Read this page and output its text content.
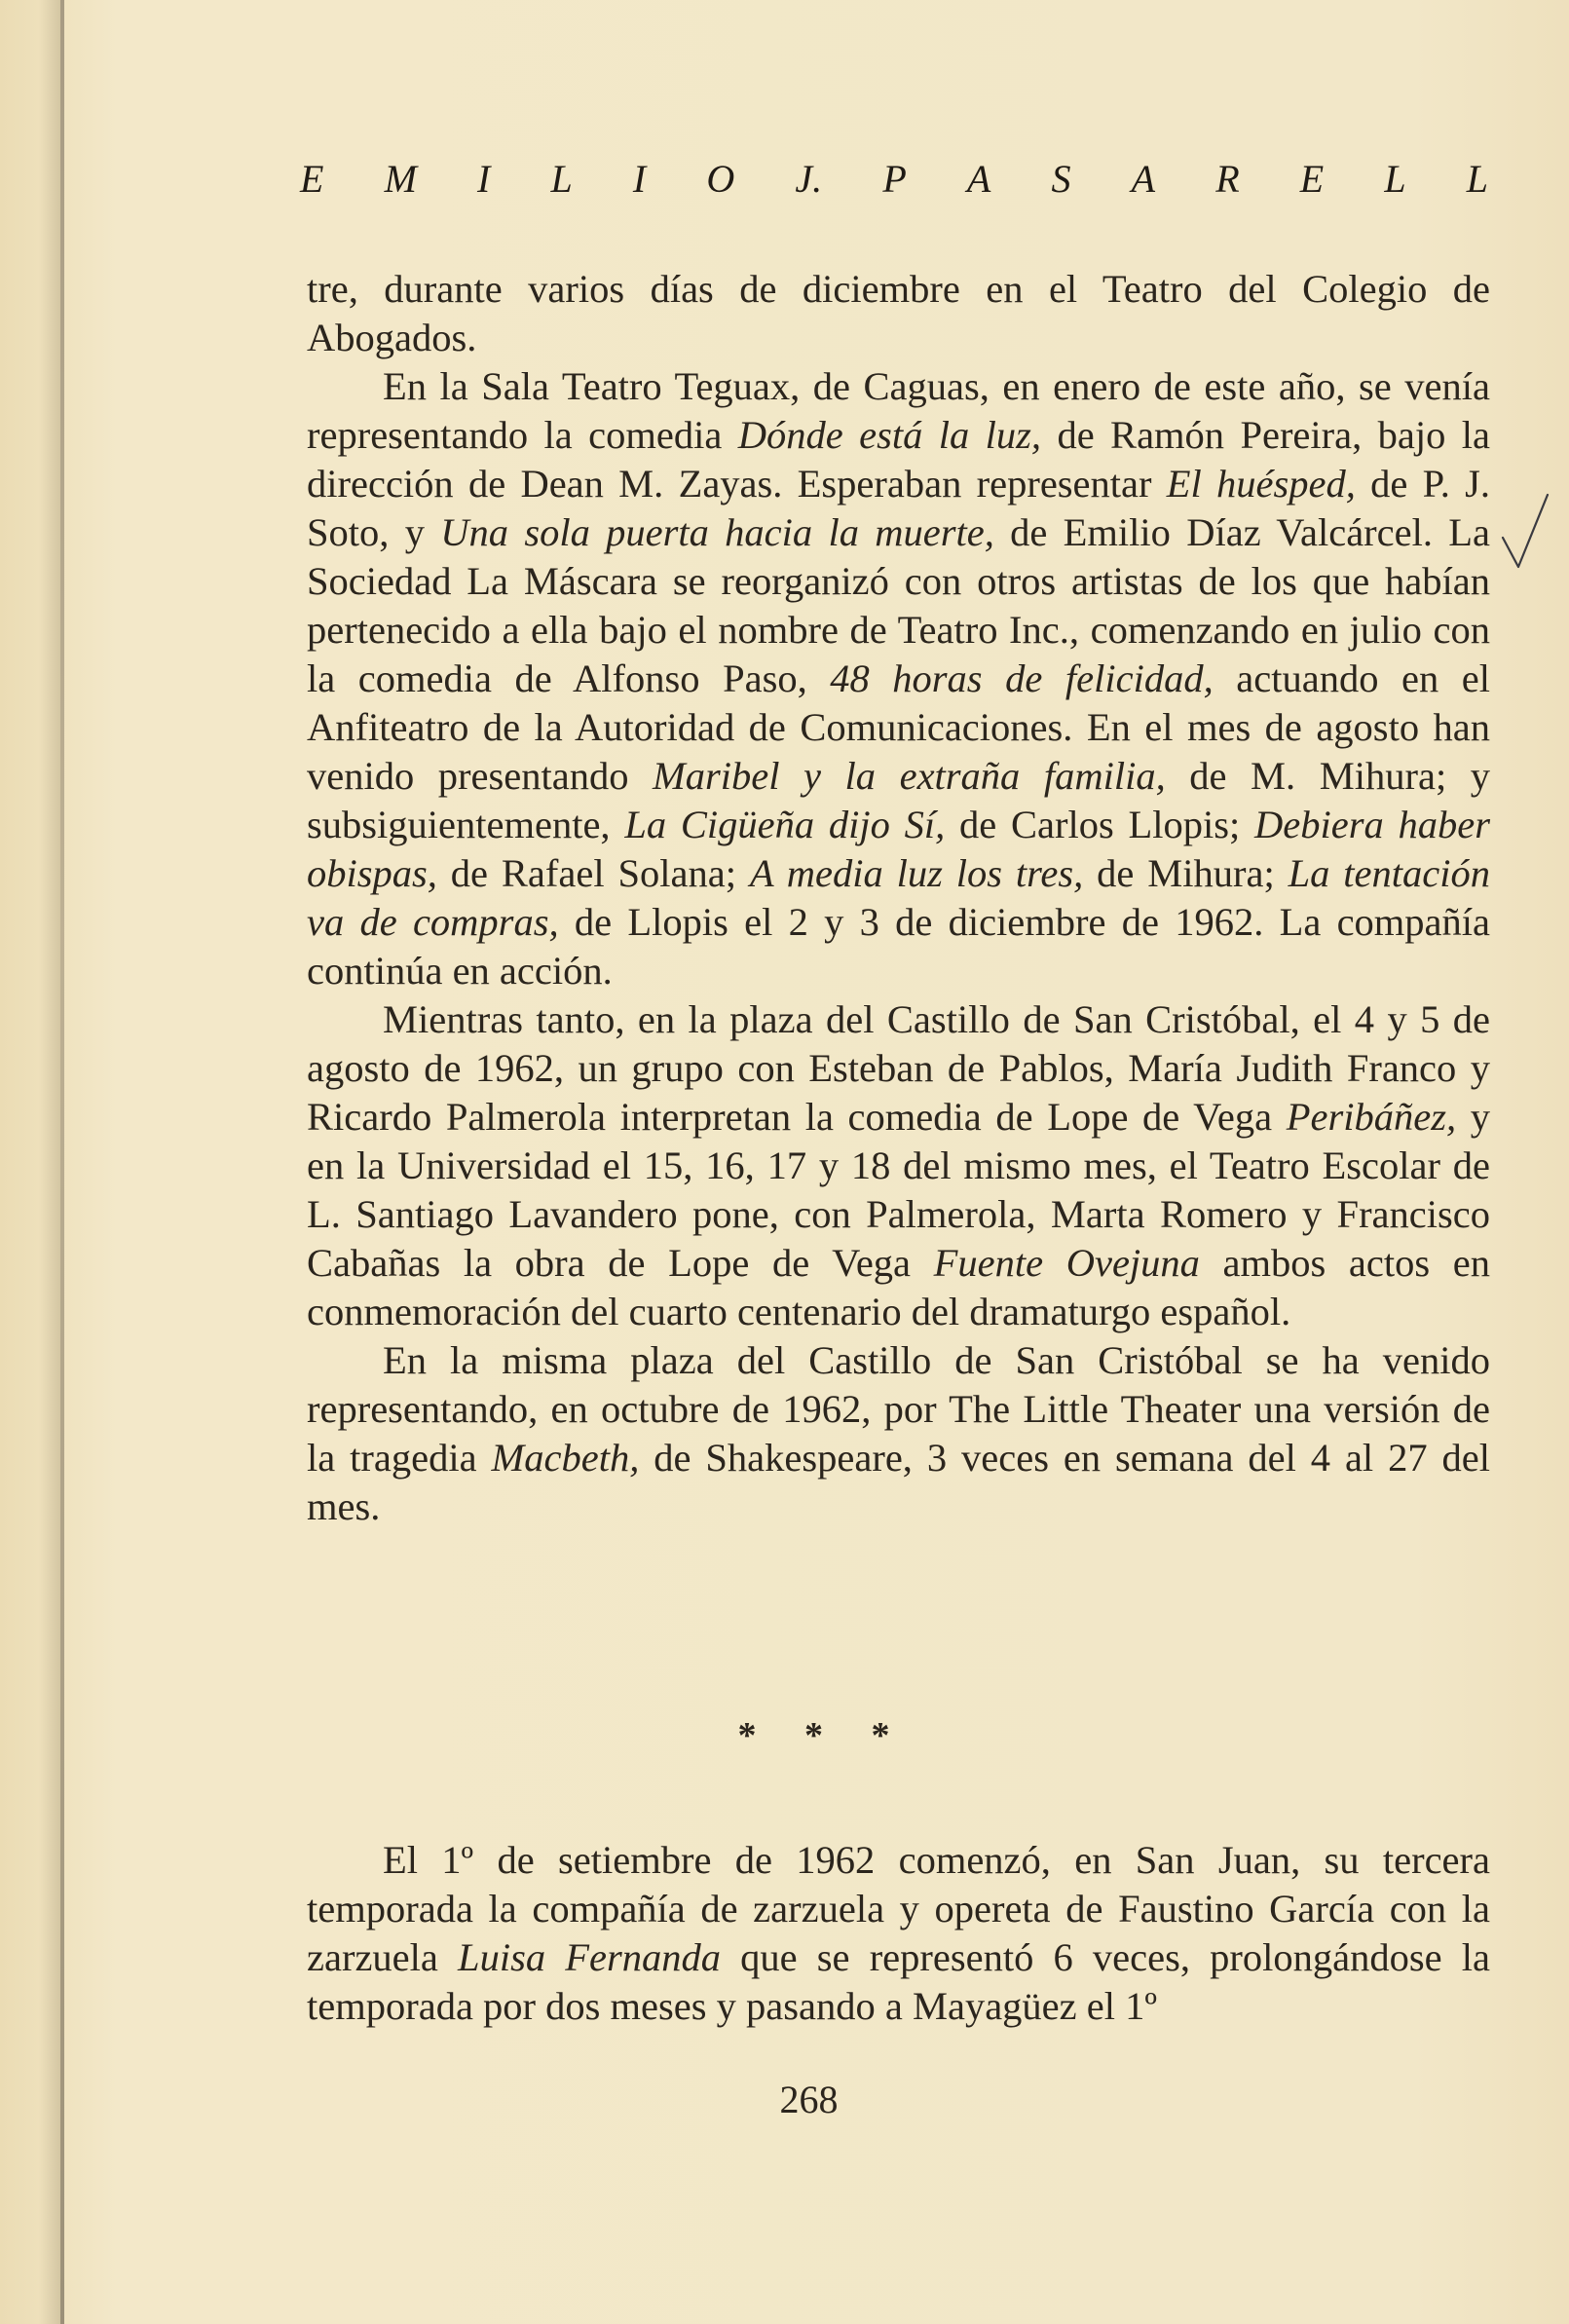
E M I L I O J. P A S A R E L L

tre, durante varios días de diciembre en el Teatro del Colegio de Abogados.

En la Sala Teatro Teguax, de Caguas, en enero de este año, se venía representando la comedia Dónde está la luz, de Ramón Pereira, bajo la dirección de Dean M. Zayas. Esperaban representar El huésped, de P. J. Soto, y Una sola puerta hacia la muerte, de Emilio Díaz Valcárcel. La Sociedad La Máscara se reorganizó con otros artistas de los que habían pertenecido a ella bajo el nombre de Teatro Inc., comenzando en julio con la comedia de Alfonso Paso, 48 horas de felicidad, actuando en el Anfiteatro de la Autoridad de Comunicaciones. En el mes de agosto han venido presentando Maribel y la extraña familia, de M. Mihura; y subsiguientemente, La Cigüeña dijo Sí, de Carlos Llopis; Debiera haber obispas, de Rafael Solana; A media luz los tres, de Mihura; La tentación va de compras, de Llopis el 2 y 3 de diciembre de 1962. La compañía continúa en acción.

Mientras tanto, en la plaza del Castillo de San Cristóbal, el 4 y 5 de agosto de 1962, un grupo con Esteban de Pablos, María Judith Franco y Ricardo Palmerola interpretan la comedia de Lope de Vega Peribáñez, y en la Universidad el 15, 16, 17 y 18 del mismo mes, el Teatro Escolar de L. Santiago Lavandero pone, con Palmerola, Marta Romero y Francisco Cabañas la obra de Lope de Vega Fuente Ovejuna ambos actos en conmemoración del cuarto centenario del dramaturgo español.

En la misma plaza del Castillo de San Cristóbal se ha venido representando, en octubre de 1962, por The Little Theater una versión de la tragedia Macbeth, de Shakespeare, 3 veces en semana del 4 al 27 del mes.

* * *

El 1º de setiembre de 1962 comenzó, en San Juan, su tercera temporada la compañía de zarzuela y opereta de Faustino García con la zarzuela Luisa Fernanda que se representó 6 veces, prolongándose la temporada por dos meses y pasando a Mayagüez el 1º

268
